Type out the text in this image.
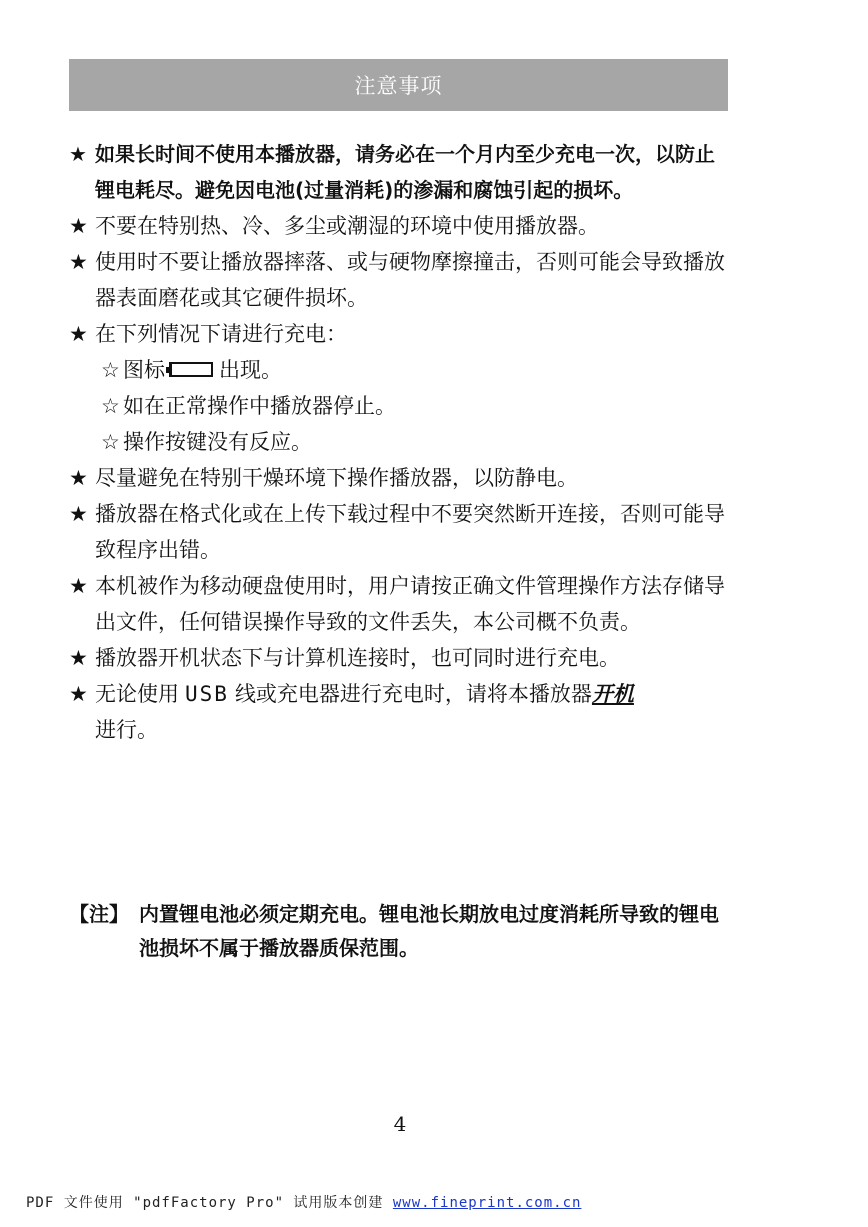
注意事项
★ 如果长时间不使用本播放器，请务必在一个月内至少充电一次，以防止锂电耗尽。避免因电池(过量消耗)的渗漏和腐蚀引起的损坏。
★ 不要在特别热、冷、多尘或潮湿的环境中使用播放器。
★ 使用时不要让播放器摔落、或与硬物摩擦撞击，否则可能会导致播放器表面磨花或其它硬件损坏。
★ 在下列情况下请进行充电：
☆ 图标	出现。
☆ 如在正常操作中播放器停止。
☆ 操作按键没有反应。
★ 尽量避免在特别干燥环境下操作播放器，以防静电。
★ 播放器在格式化或在上传下载过程中不要突然断开连接，否则可能导致程序出错。
★ 本机被作为移动硬盘使用时，用户请按正确文件管理操作方法存储导出文件，任何错误操作导致的文件丢失，本公司概不负责。
★ 播放器开机状态下与计算机连接时，也可同时进行充电。
★ 无论使用 USB 线或充电器进行充电时，请将本播放器开机
进行。
【注】 内置锂电池必须定期充电。锂电池长期放电过度消耗所导致的锂电池损坏不属于播放器质保范围。
4
PDF 文件使用 "pdfFactory Pro" 试用版本创建 www.fineprint.com.cn
